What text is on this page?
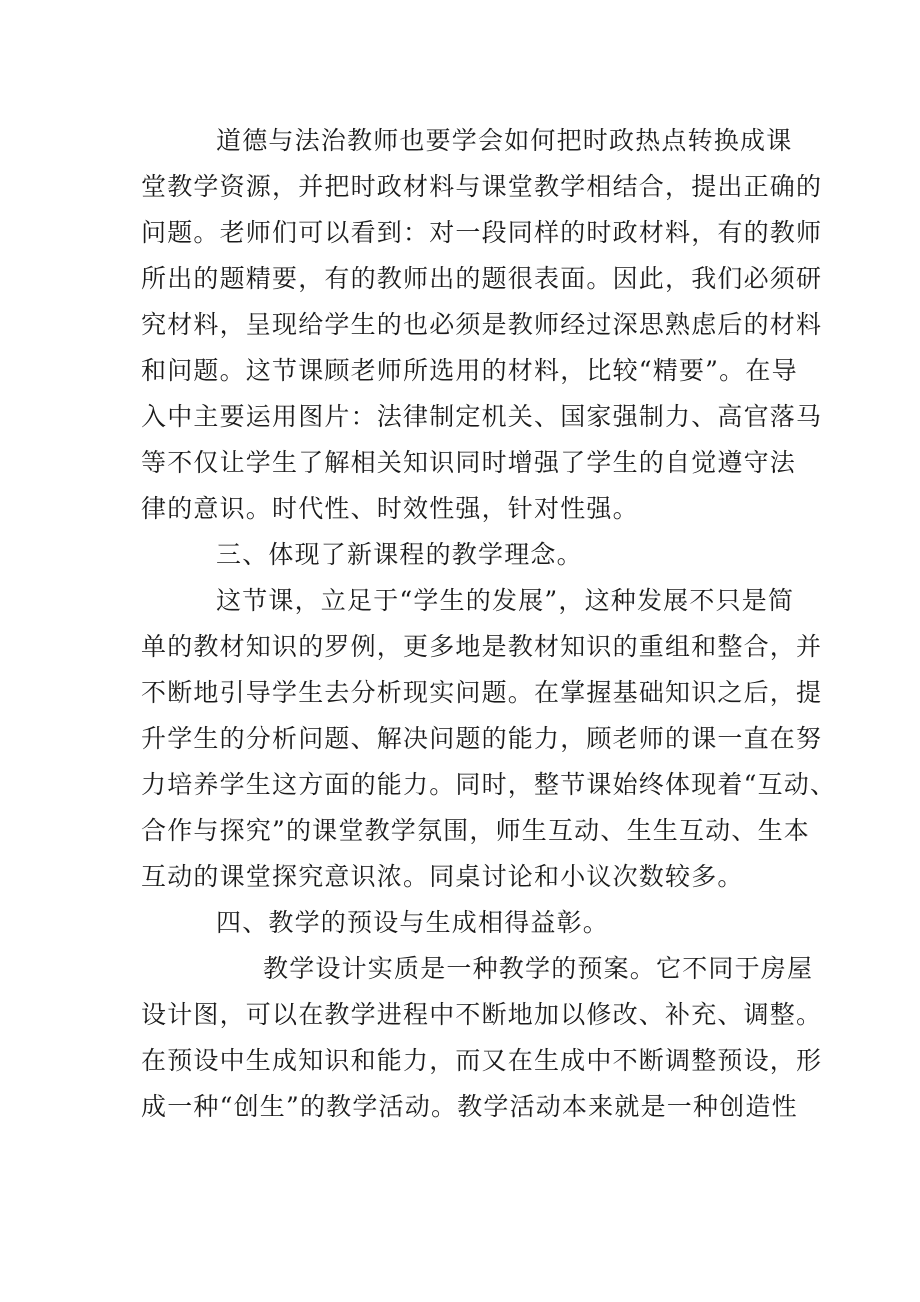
道德与法治教师也要学会如何把时政热点转换成课
堂教学资源，并把时政材料与课堂教学相结合，提出正确的
问题。老师们可以看到：对一段同样的时政材料，有的教师
所出的题精要，有的教师出的题很表面。因此，我们必须研
究材料，呈现给学生的也必须是教师经过深思熟虑后的材料
和问题。这节课顾老师所选用的材料，比较“精要”。在导
入中主要运用图片：法律制定机关、国家强制力、高官落马
等不仅让学生了解相关知识同时增强了学生的自觉遵守法
律的意识。时代性、时效性强，针对性强。
三、体现了新课程的教学理念。
这节课，立足于“学生的发展”，这种发展不只是简
单的教材知识的罗例，更多地是教材知识的重组和整合，并
不断地引导学生去分析现实问题。在掌握基础知识之后，提
升学生的分析问题、解决问题的能力，顾老师的课一直在努
力培养学生这方面的能力。同时，整节课始终体现着“互动、
合作与探究”的课堂教学氛围，师生互动、生生互动、生本
互动的课堂探究意识浓。同桌讨论和小议次数较多。
四、教学的预设与生成相得益彰。
教学设计实质是一种教学的预案。它不同于房屋
设计图，可以在教学进程中不断地加以修改、补充、调整。
在预设中生成知识和能力，而又在生成中不断调整预设，形
成一种“创生”的教学活动。教学活动本来就是一种创造性
